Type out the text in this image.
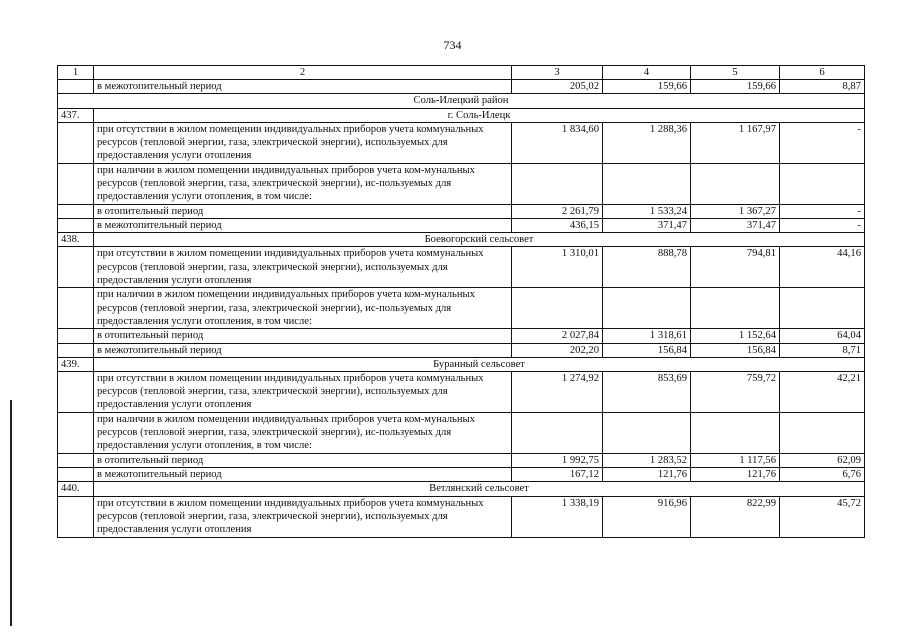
734
1	2	3	4	5	6
	в межотопительный период	205,02	159,66	159,66	8,87
Соль-Илецкий район					
437.	г. Соль-Илецк				
	при отсутствии в жилом помещении индивидуальных приборов учета коммунальных ресурсов (тепловой энергии, газа, электрической энергии), используемых для предоставления услуги отопления	1 834,60	1 288,36	1 167,97	-
	при наличии в жилом помещении индивидуальных приборов учета ком-мунальных ресурсов (тепловой энергии, газа, электрической энергии), ис-пользуемых для предоставления услуги отопления, в том числе:				
	в отопительный период	2 261,79	1 533,24	1 367,27	-
	в межотопительный период	436,15	371,47	371,47	-
438.	Боевогорский сельсовет				
	при отсутствии в жилом помещении индивидуальных приборов учета коммунальных ресурсов (тепловой энергии, газа, электрической энергии), используемых для предоставления услуги отопления	1 310,01	888,78	794,81	44,16
	при наличии в жилом помещении индивидуальных приборов учета ком-мунальных ресурсов (тепловой энергии, газа, электрической энергии), ис-пользуемых для предоставления услуги отопления, в том числе:				
	в отопительный период	2 027,84	1 318,61	1 152,64	64,04
	в межотопительный период	202,20	156,84	156,84	8,71
439.	Буранный сельсовет				
	при отсутствии в жилом помещении индивидуальных приборов учета коммунальных ресурсов (тепловой энергии, газа, электрической энергии), используемых для предоставления услуги отопления	1 274,92	853,69	759,72	42,21
	при наличии в жилом помещении индивидуальных приборов учета ком-мунальных ресурсов (тепловой энергии, газа, электрической энергии), ис-пользуемых для предоставления услуги отопления, в том числе:				
	в отопительный период	1 992,75	1 283,52	1 117,56	62,09
	в межотопительный период	167,12	121,76	121,76	6,76
440.	Ветлянский сельсовет				
	при отсутствии в жилом помещении индивидуальных приборов учета коммунальных ресурсов (тепловой энергии, газа, электрической энергии), используемых для предоставления услуги отопления	1 338,19	916,96	822,99	45,72
